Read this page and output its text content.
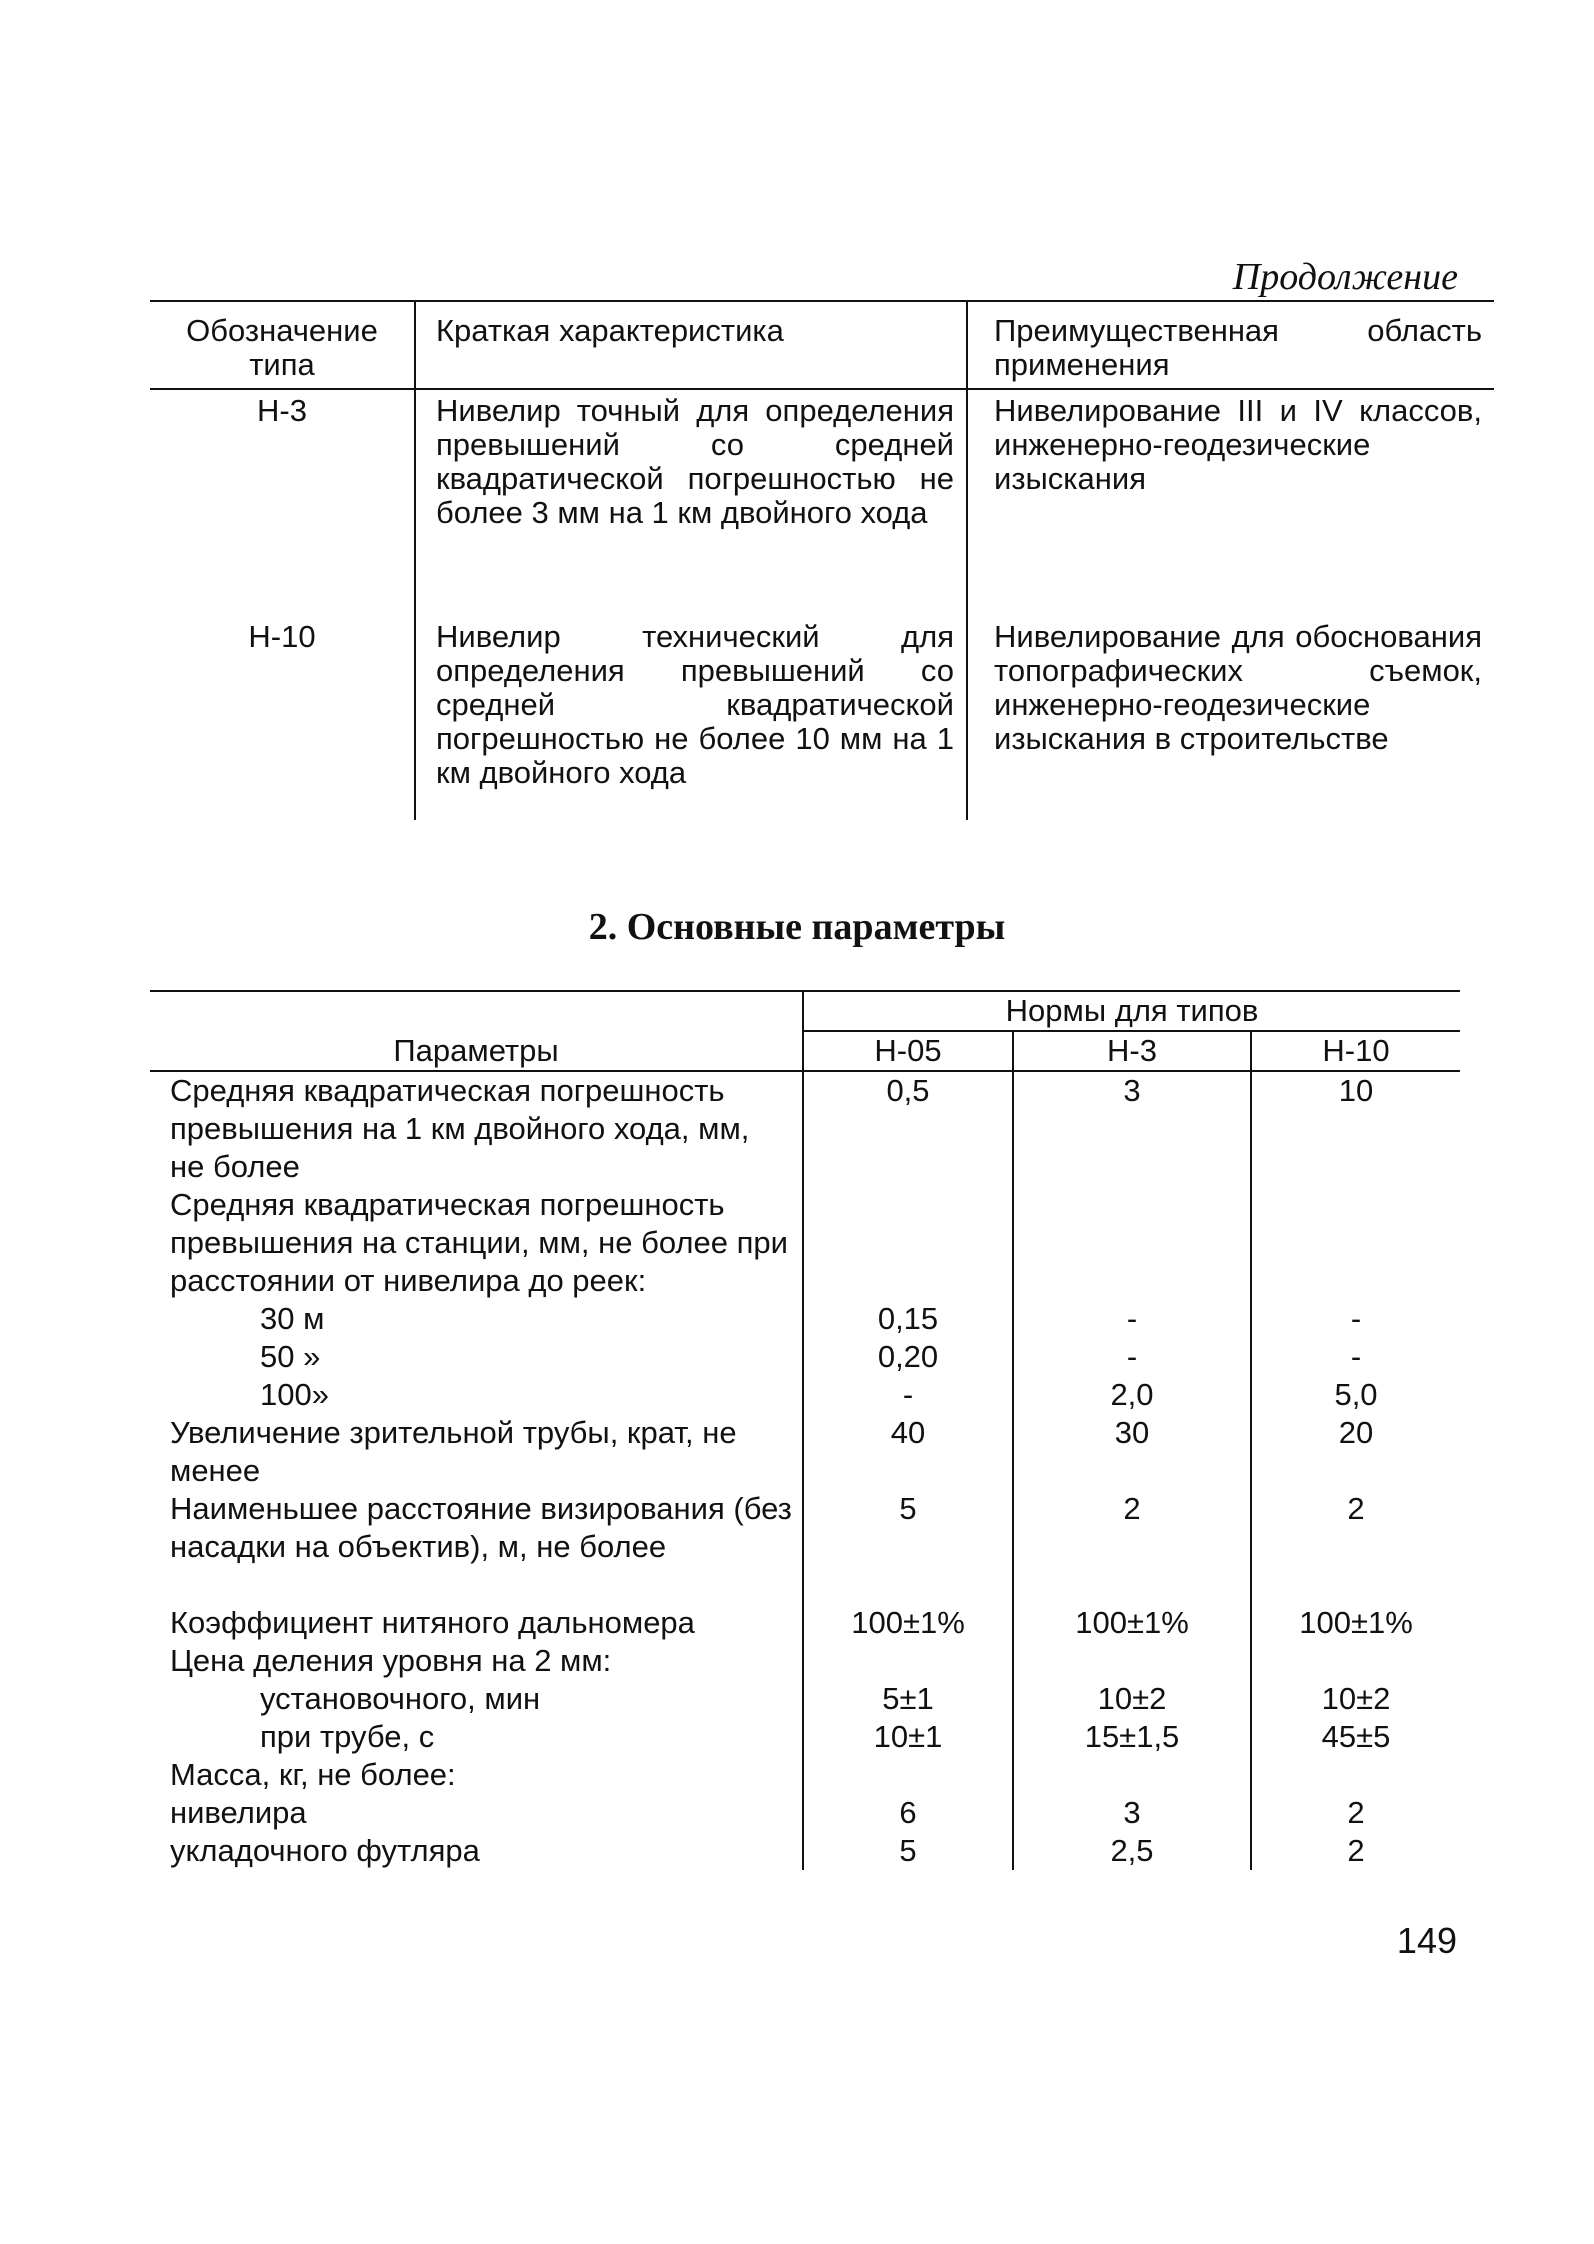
Продолжение
Обозначение типа	Краткая характеристика	Преимущественная область применения
Н-3	Нивелир точный для определения превышений со средней квадратической погрешностью не более 3 мм на 1 км двойного хода	Нивелирование III и IV классов, инженерно-геодезические изыскания
Н-10	Нивелир технический для определения превышений со средней квадратической погрешностью не более 10 мм на 1 км двойного хода	Нивелирование для обоснования топографических съемок, инженерно-геодезические изыскания в строительстве
2. Основные параметры
Параметры	Нормы для типов		
	Н-05	Н-3	Н-10
Средняя квадратическая погрешность превышения на 1 км двойного хода, мм, не более	0,5	3	10
Средняя квадратическая погрешность превышения на станции, мм, не более при расстоянии от нивелира до реек:			
30 м	0,15	-	-
50 »	0,20	-	-
100»	-	2,0	5,0
Увеличение зрительной трубы, крат, не менее	40	30	20
Наименьшее расстояние визирования (без насадки на объектив), м, не более	5	2	2
Коэффициент нитяного дальномера	100±1%	100±1%	100±1%
Цена деления уровня на 2 мм:			
установочного, мин	5±1	10±2	10±2
при трубе, с	10±1	15±1,5	45±5
Масса, кг, не более:			
нивелира	6	3	2
укладочного футляра	5	2,5	2
149
